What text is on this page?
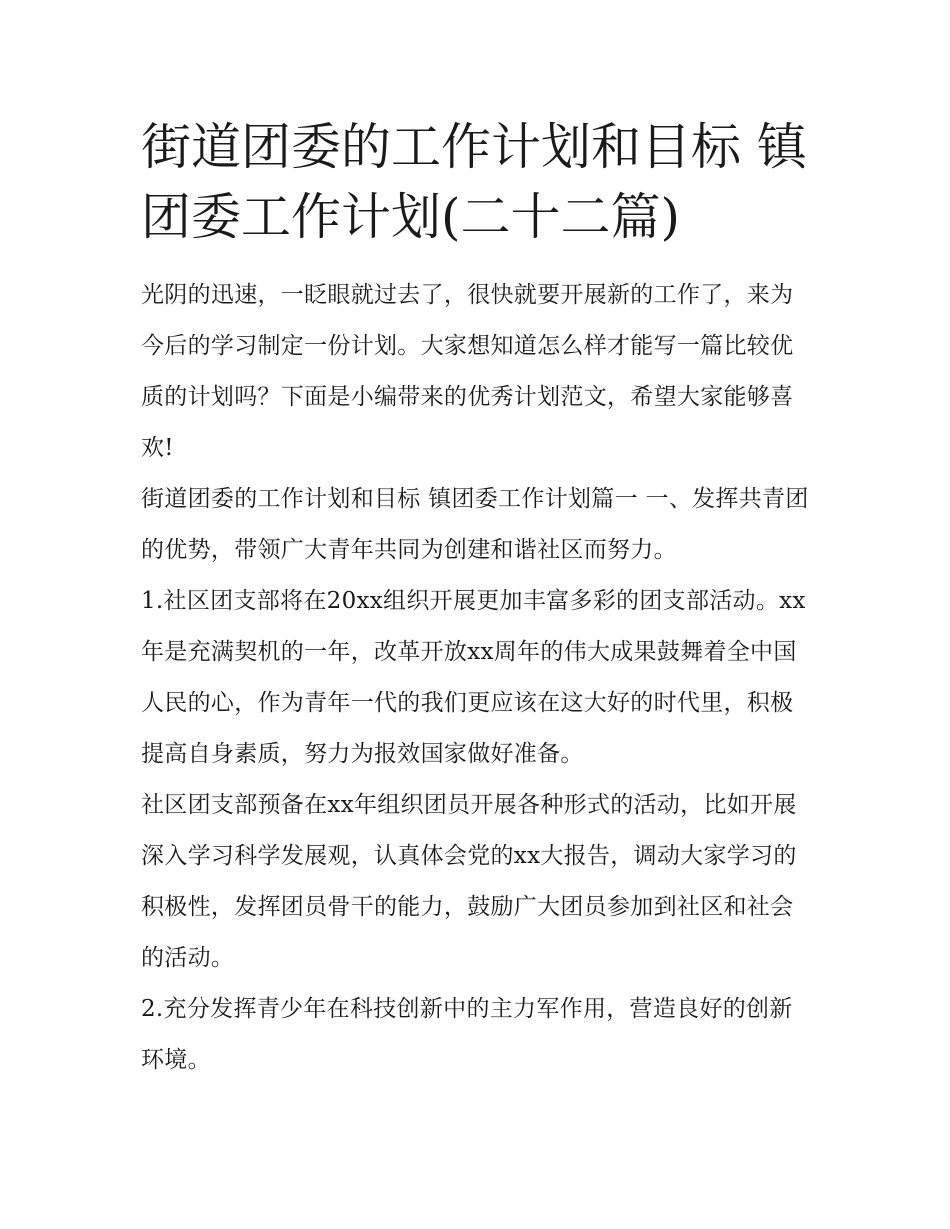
街道团委的工作计划和目标 镇团委工作计划(二十二篇)

光阴的迅速，一眨眼就过去了，很快就要开展新的工作了，来为今后的学习制定一份计划。大家想知道怎么样才能写一篇比较优质的计划吗？下面是小编带来的优秀计划范文，希望大家能够喜欢!

街道团委的工作计划和目标 镇团委工作计划篇一 一、发挥共青团的优势，带领广大青年共同为创建和谐社区而努力。

1.社区团支部将在20xx组织开展更加丰富多彩的团支部活动。xx年是充满契机的一年，改革开放xx周年的伟大成果鼓舞着全中国人民的心，作为青年一代的我们更应该在这大好的时代里，积极提高自身素质，努力为报效国家做好准备。

社区团支部预备在xx年组织团员开展各种形式的活动，比如开展深入学习科学发展观，认真体会党的xx大报告，调动大家学习的积极性，发挥团员骨干的能力，鼓励广大团员参加到社区和社会的活动。

2.充分发挥青少年在科技创新中的主力军作用，营造良好的创新环境。
